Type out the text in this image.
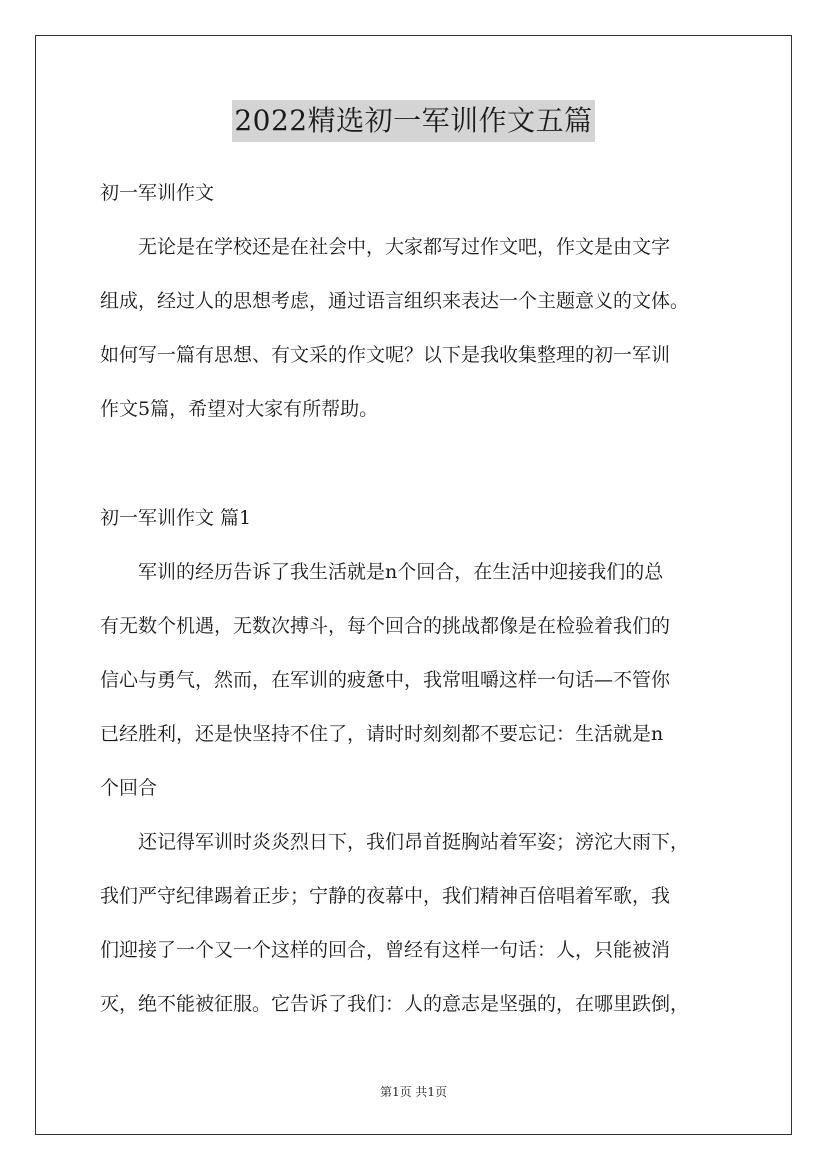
2022精选初一军训作文五篇
初一军训作文
　　无论是在学校还是在社会中，大家都写过作文吧，作文是由文字
组成，经过人的思想考虑，通过语言组织来表达一个主题意义的文体。
如何写一篇有思想、有文采的作文呢？以下是我收集整理的初一军训
作文5篇，希望对大家有所帮助。
初一军训作文 篇1
　　军训的经历告诉了我生活就是n个回合，在生活中迎接我们的总
有无数个机遇，无数次搏斗，每个回合的挑战都像是在检验着我们的
信心与勇气，然而，在军训的疲惫中，我常咀嚼这样一句话—不管你
已经胜利，还是快坚持不住了，请时时刻刻都不要忘记：生活就是n
个回合
　　还记得军训时炎炎烈日下，我们昂首挺胸站着军姿；滂沱大雨下，
我们严守纪律踢着正步；宁静的夜幕中，我们精神百倍唱着军歌，我
们迎接了一个又一个这样的回合，曾经有这样一句话：人，只能被消
灭，绝不能被征服。它告诉了我们：人的意志是坚强的，在哪里跌倒，
第1页 共1页
